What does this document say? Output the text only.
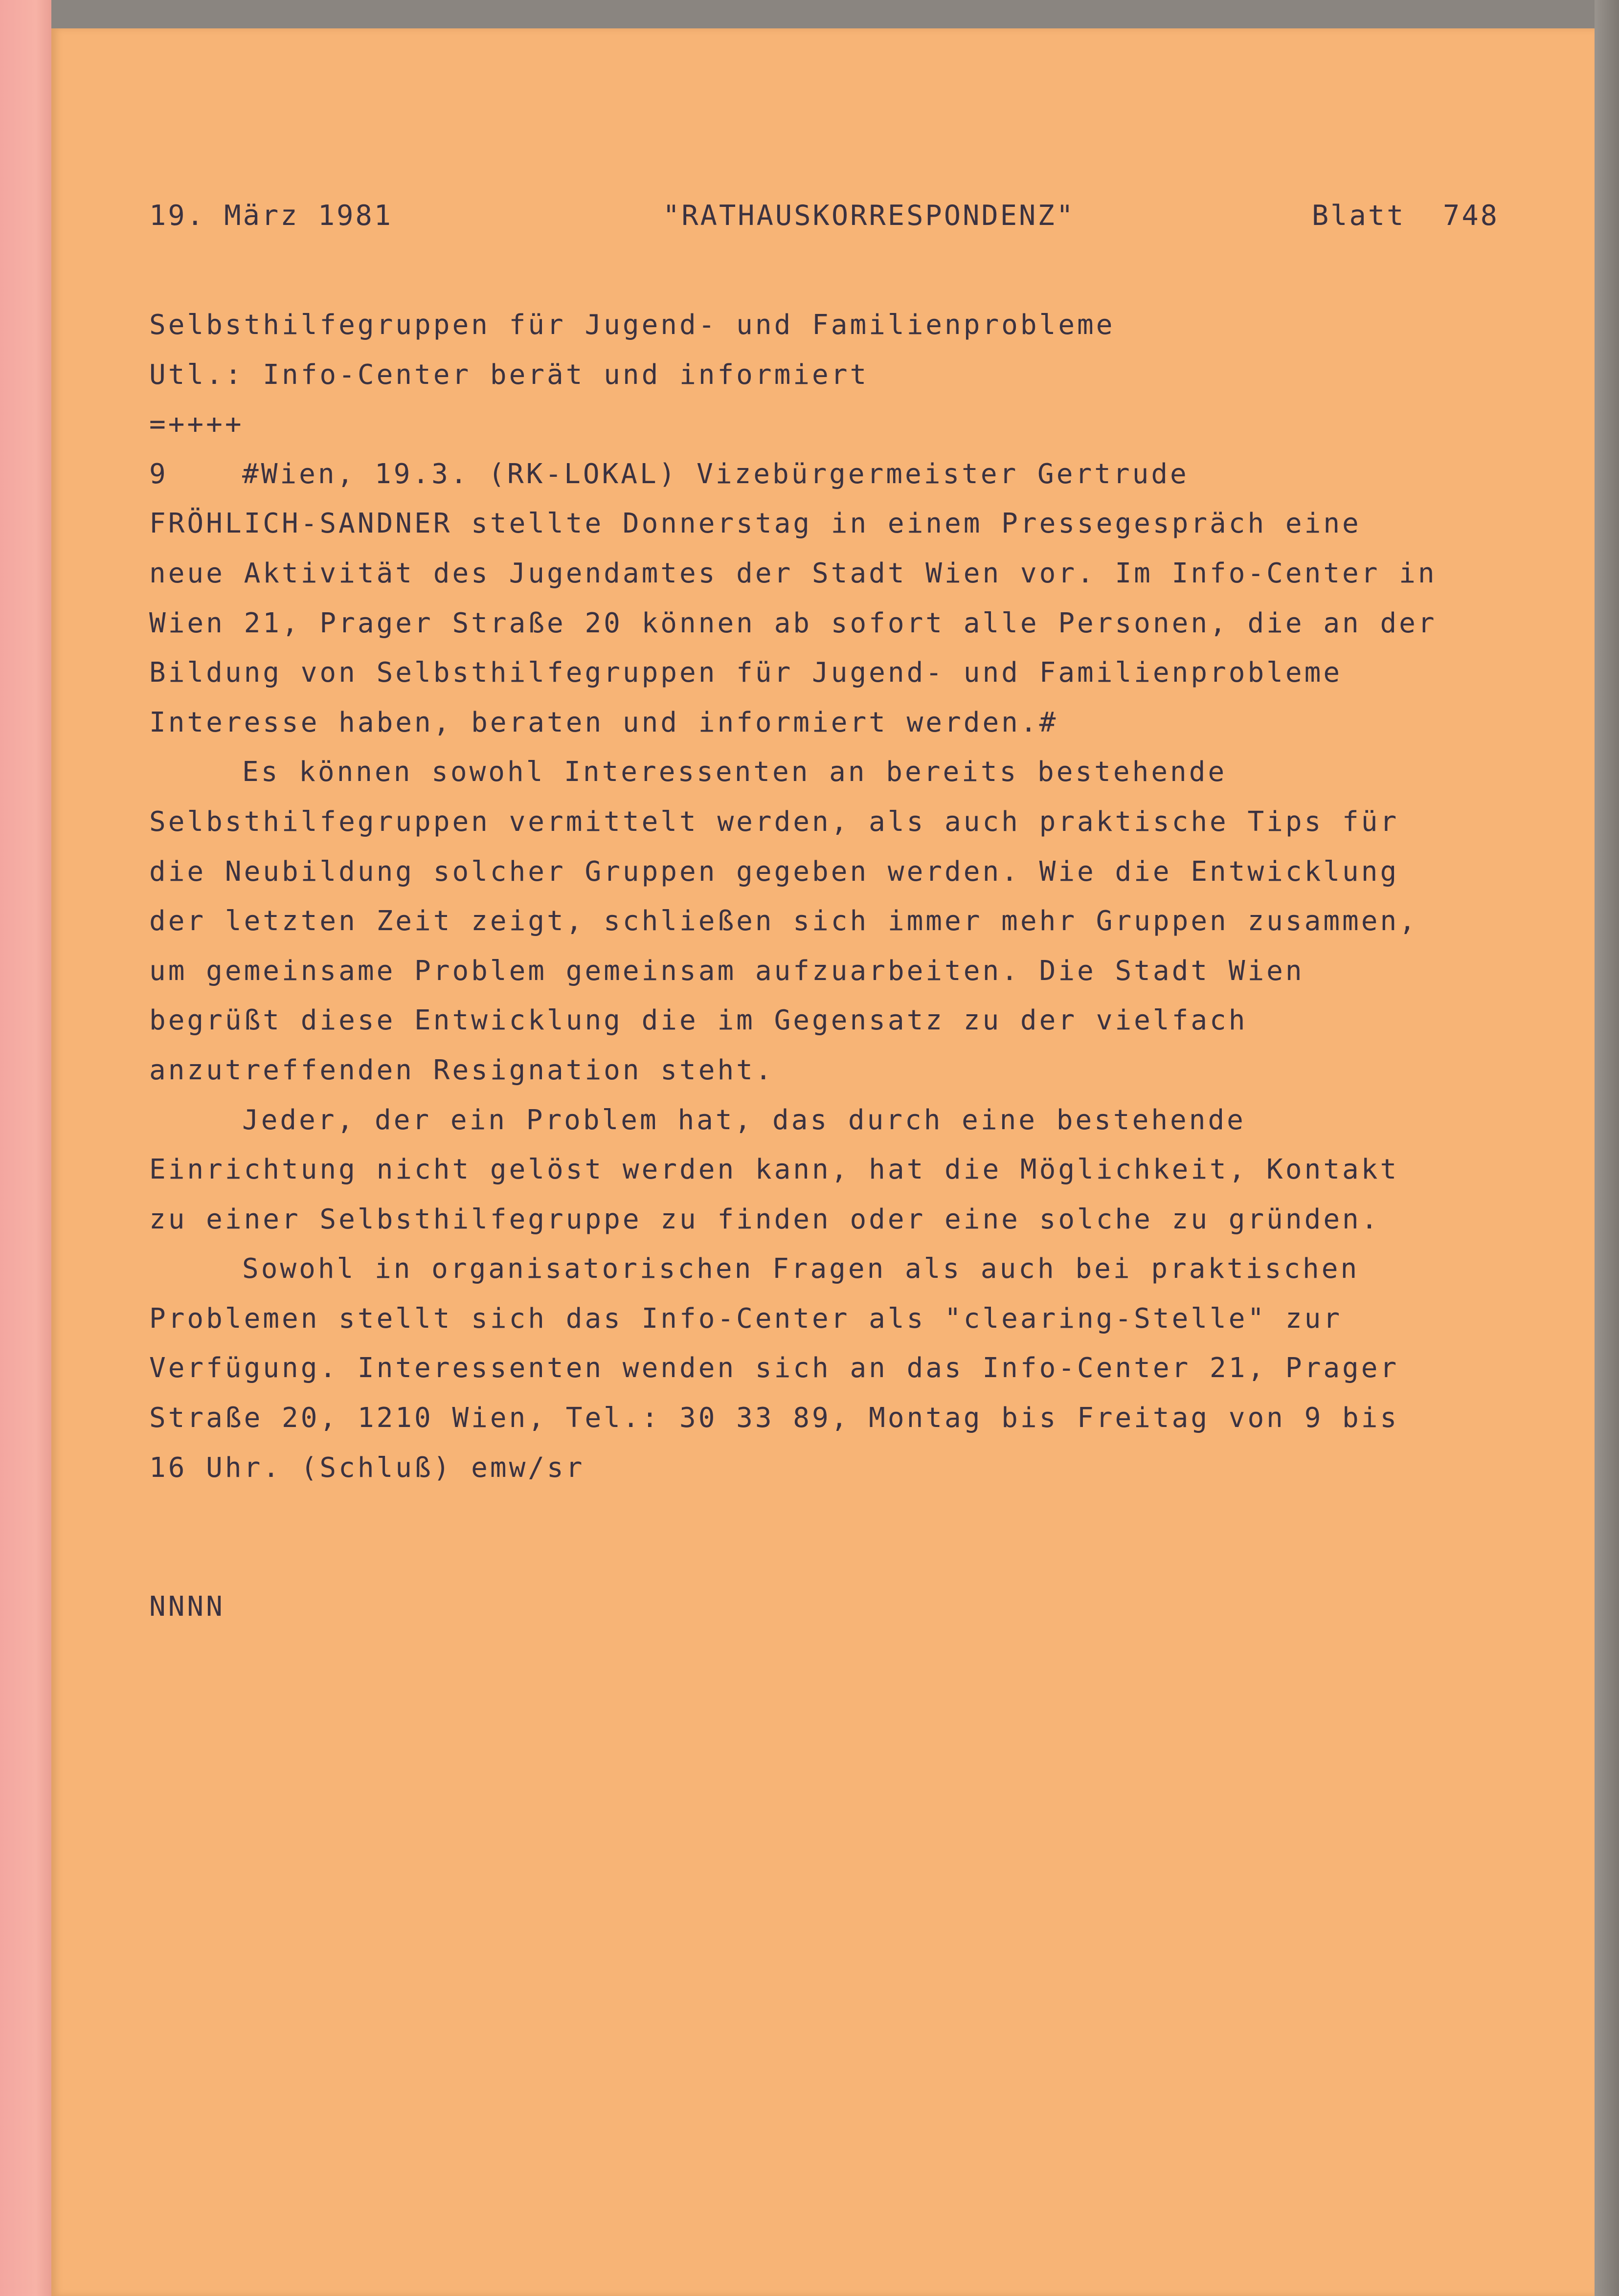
19. März 1981	"RATHAUSKORRESPONDENZ"	Blatt  748
Selbsthilfegruppen für Jugend- und Familienprobleme
Utl.: Info-Center berät und informiert
=++++
9	#Wien, 19.3. (RK-LOKAL) Vizebürgermeister Gertrude
FRÖHLICH-SANDNER stellte Donnerstag in einem Pressegespräch eine
neue Aktivität des Jugendamtes der Stadt Wien vor. Im Info-Center in
Wien 21, Prager Straße 20 können ab sofort alle Personen, die an der
Bildung von Selbsthilfegruppen für Jugend- und Familienprobleme
Interesse haben, beraten und informiert werden.#
Es können sowohl Interessenten an bereits bestehende
Selbsthilfegruppen vermittelt werden, als auch praktische Tips für
die Neubildung solcher Gruppen gegeben werden. Wie die Entwicklung
der letzten Zeit zeigt, schließen sich immer mehr Gruppen zusammen,
um gemeinsame Problem gemeinsam aufzuarbeiten. Die Stadt Wien
begrüßt diese Entwicklung die im Gegensatz zu der vielfach
anzutreffenden Resignation steht.
Jeder, der ein Problem hat, das durch eine bestehende
Einrichtung nicht gelöst werden kann, hat die Möglichkeit, Kontakt
zu einer Selbsthilfegruppe zu finden oder eine solche zu gründen.
Sowohl in organisatorischen Fragen als auch bei praktischen
Problemen stellt sich das Info-Center als "clearing-Stelle" zur
Verfügung. Interessenten wenden sich an das Info-Center 21, Prager
Straße 20, 1210 Wien, Tel.: 30 33 89, Montag bis Freitag von 9 bis
16 Uhr. (Schluß) emw/sr
NNNN
